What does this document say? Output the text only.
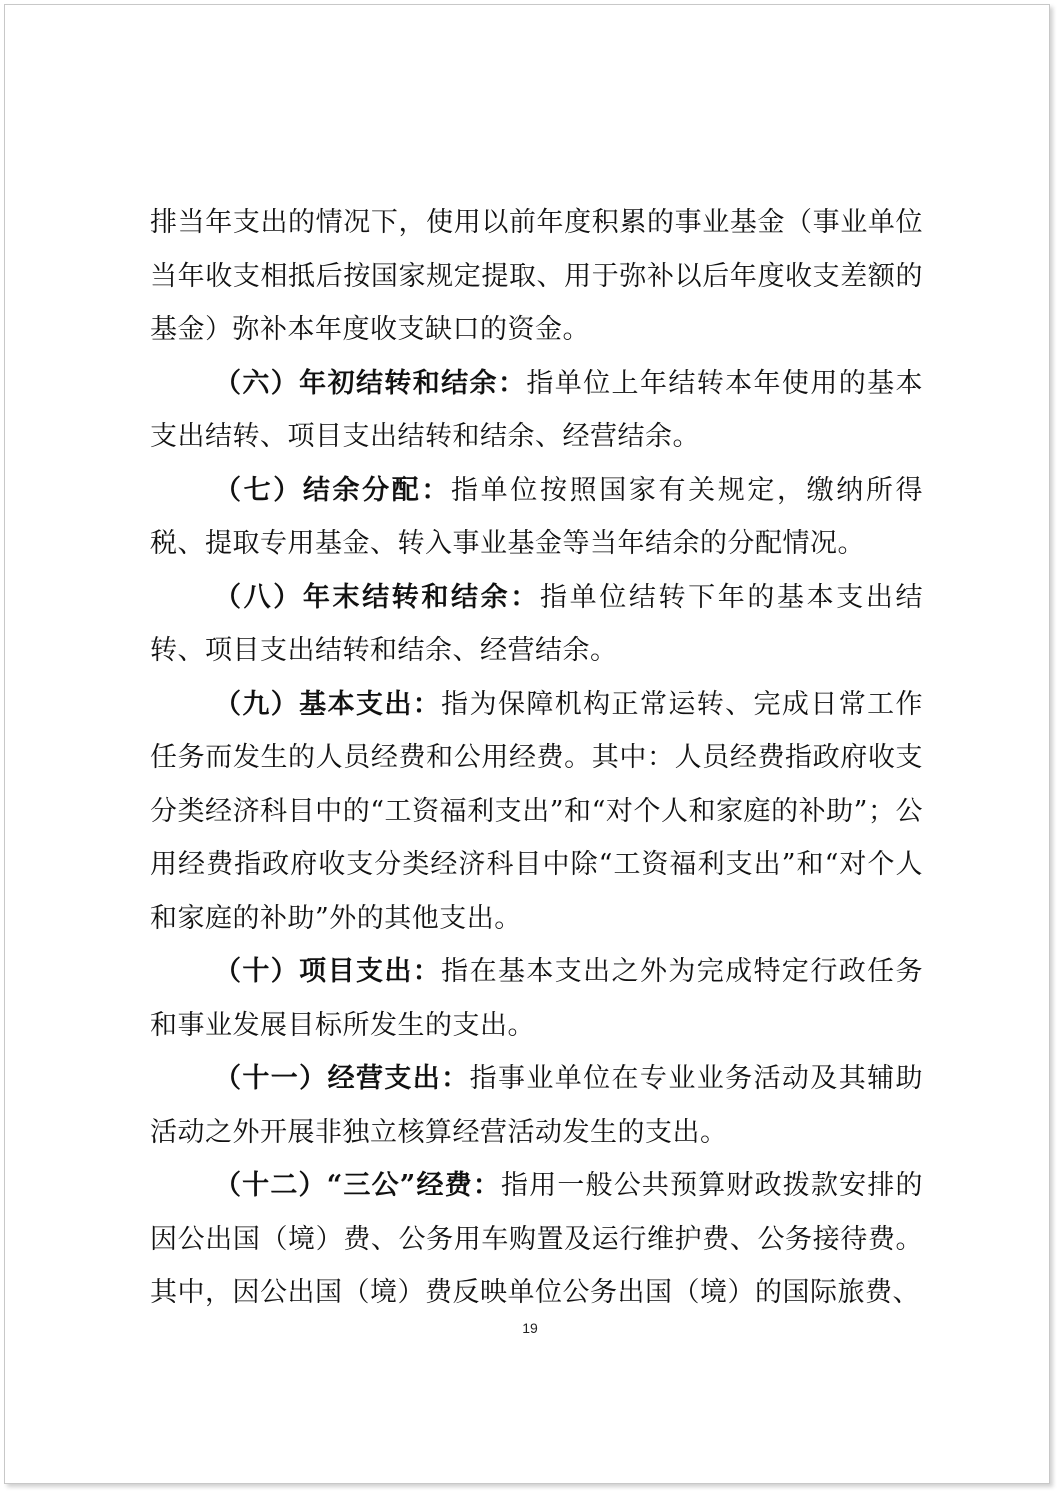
排当年支出的情况下，使用以前年度积累的事业基金（事业单位当年收支相抵后按国家规定提取、用于弥补以后年度收支差额的基金）弥补本年度收支缺口的资金。

（六）年初结转和结余：指单位上年结转本年使用的基本支出结转、项目支出结转和结余、经营结余。

（七）结余分配：指单位按照国家有关规定，缴纳所得税、提取专用基金、转入事业基金等当年结余的分配情况。

（八）年末结转和结余：指单位结转下年的基本支出结转、项目支出结转和结余、经营结余。

（九）基本支出：指为保障机构正常运转、完成日常工作任务而发生的人员经费和公用经费。其中：人员经费指政府收支分类经济科目中的“工资福利支出”和“对个人和家庭的补助”；公用经费指政府收支分类经济科目中除“工资福利支出”和“对个人和家庭的补助”外的其他支出。

（十）项目支出：指在基本支出之外为完成特定行政任务和事业发展目标所发生的支出。

（十一）经营支出：指事业单位在专业业务活动及其辅助活动之外开展非独立核算经营活动发生的支出。

（十二）“三公”经费：指用一般公共预算财政拨款安排的因公出国（境）费、公务用车购置及运行维护费、公务接待费。其中，因公出国（境）费反映单位公务出国（境）的国际旅费、

19
